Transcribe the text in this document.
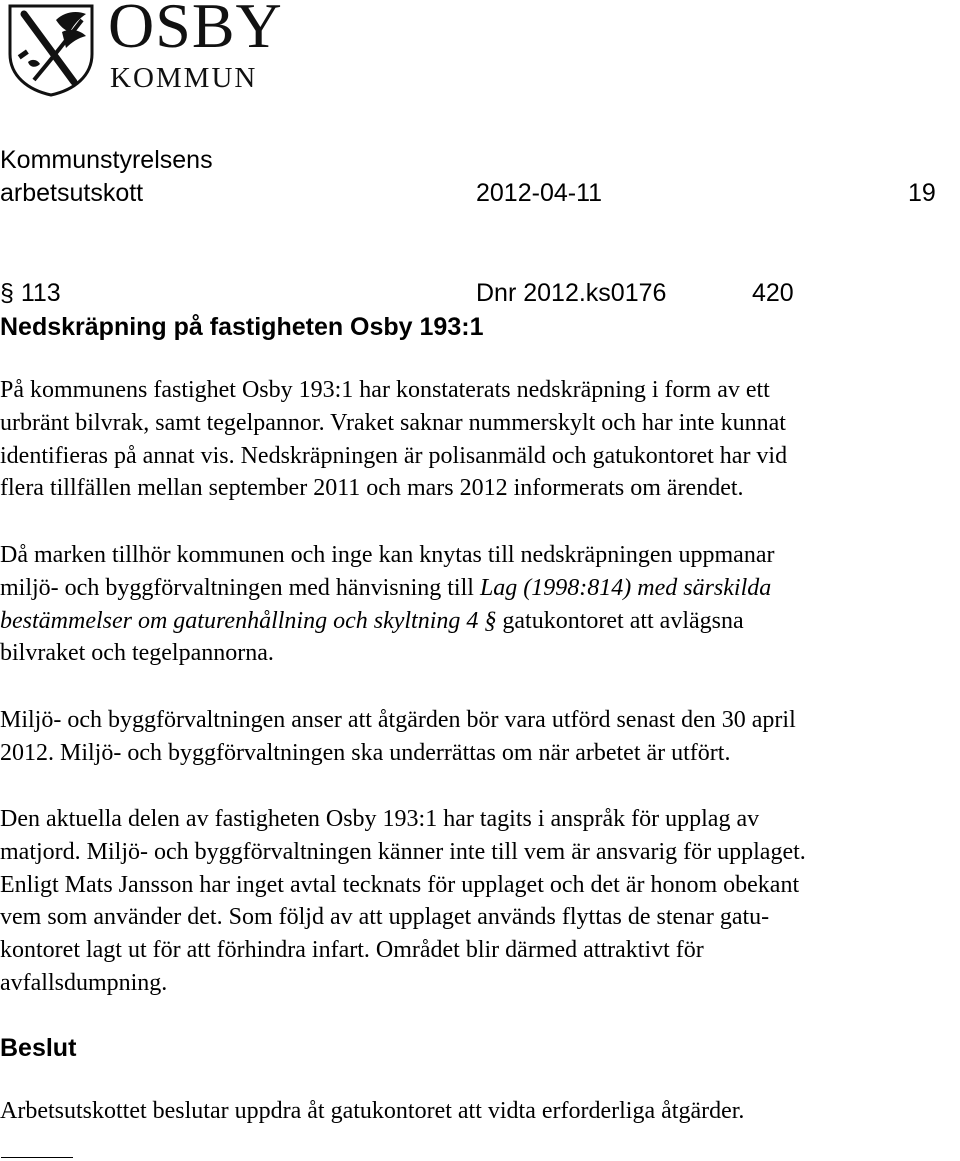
OSBY
KOMMUN
Kommunstyrelsens
arbetsutskott	2012-04-11	19
§ 113	Dnr 2012.ks0176	420
Nedskräpning på fastigheten Osby 193:1
På kommunens fastighet Osby 193:1 har konstaterats nedskräpning i form av ett
urbränt bilvrak, samt tegelpannor. Vraket saknar nummerskylt och har inte kunnat
identifieras på annat vis. Nedskräpningen är polisanmäld och gatukontoret har vid
flera tillfällen mellan september 2011 och mars 2012 informerats om ärendet.
Då marken tillhör kommunen och inge kan knytas till nedskräpningen uppmanar
miljö- och byggförvaltningen med hänvisning till Lag (1998:814) med särskilda
bestämmelser om gaturenhållning och skyltning 4 § gatukontoret att avlägsna
bilvraket och tegelpannorna.
Miljö- och byggförvaltningen anser att åtgärden bör vara utförd senast den 30 april
2012. Miljö- och byggförvaltningen ska underrättas om när arbetet är utfört.
Den aktuella delen av fastigheten Osby 193:1 har tagits i anspråk för upplag av
matjord. Miljö- och byggförvaltningen känner inte till vem är ansvarig för upplaget.
Enligt Mats Jansson har inget avtal tecknats för upplaget och det är honom obekant
vem som använder det. Som följd av att upplaget används flyttas de stenar gatu-
kontoret lagt ut för att förhindra infart. Området blir därmed attraktivt för
avfallsdumpning.
Beslut
Arbetsutskottet beslutar uppdra åt gatukontoret att vidta erforderliga åtgärder.
